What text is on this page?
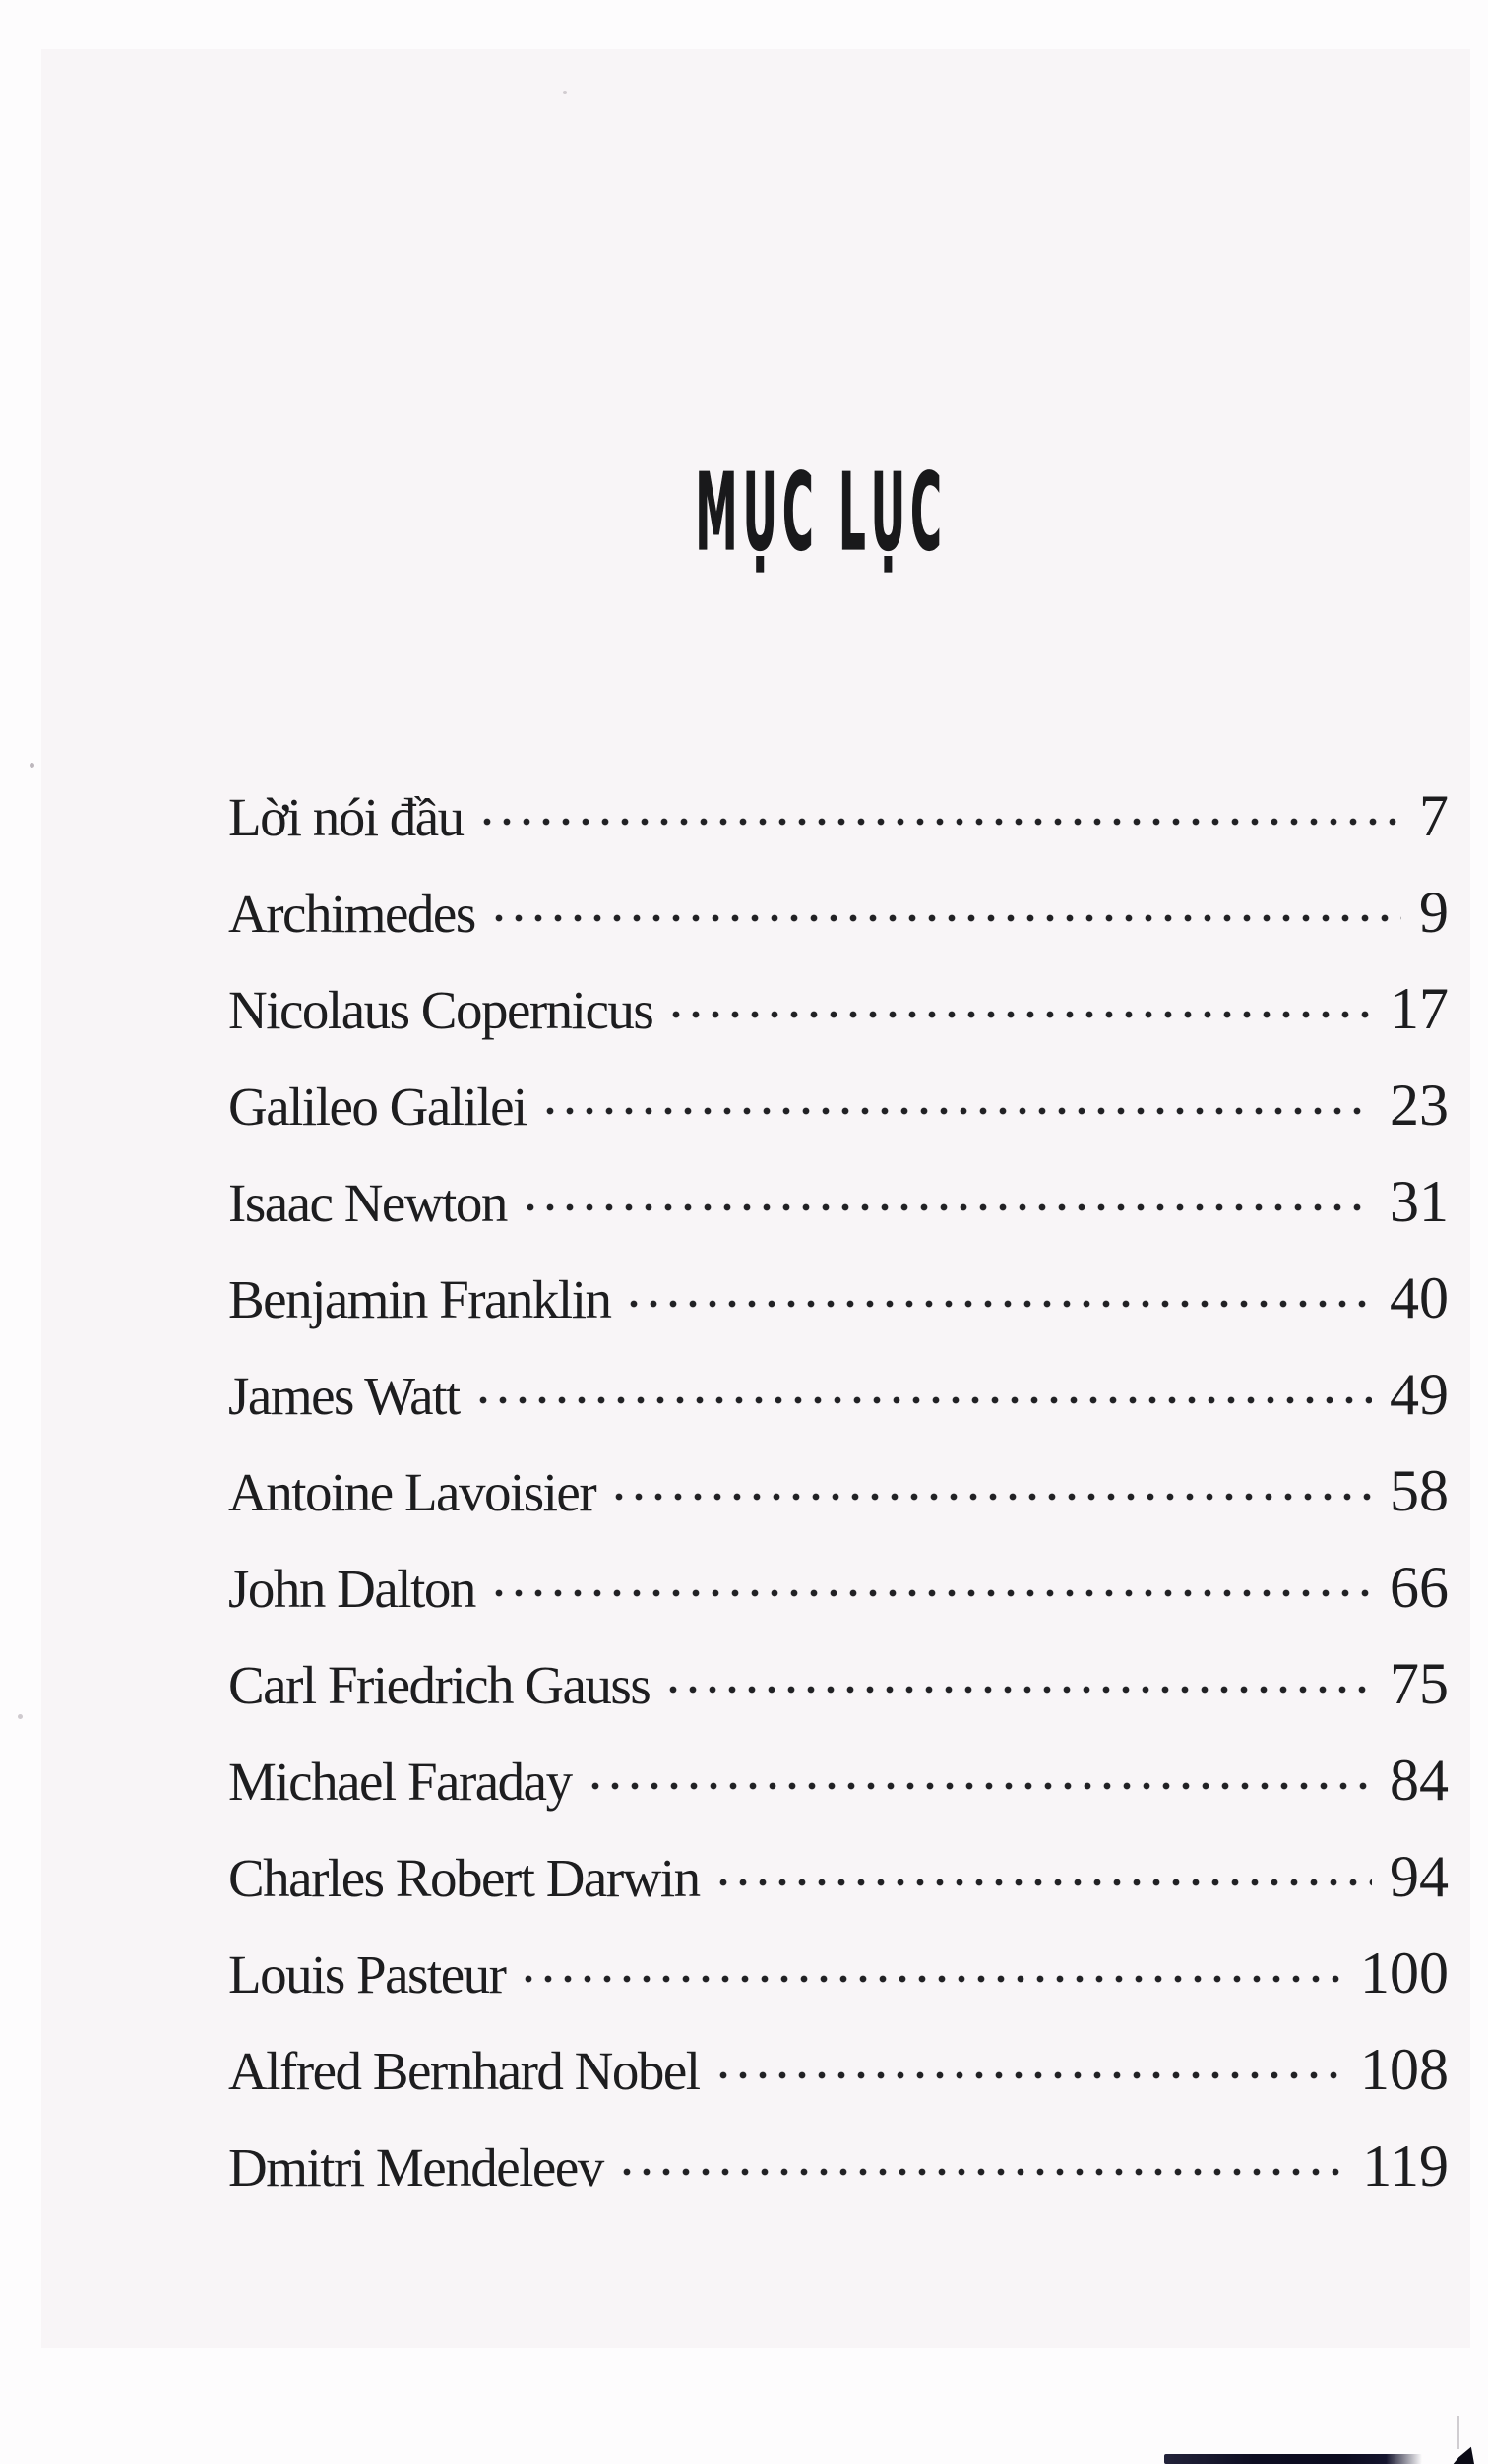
MỤC LỤC
Lời nói đầu	7
Archimedes	9
Nicolaus Copernicus	17
Galileo Galilei	23
Isaac Newton	31
Benjamin Franklin	40
James Watt	49
Antoine Lavoisier	58
John Dalton	66
Carl Friedrich Gauss	75
Michael Faraday	84
Charles Robert Darwin	94
Louis Pasteur	100
Alfred Bernhard Nobel	108
Dmitri Mendeleev	119
